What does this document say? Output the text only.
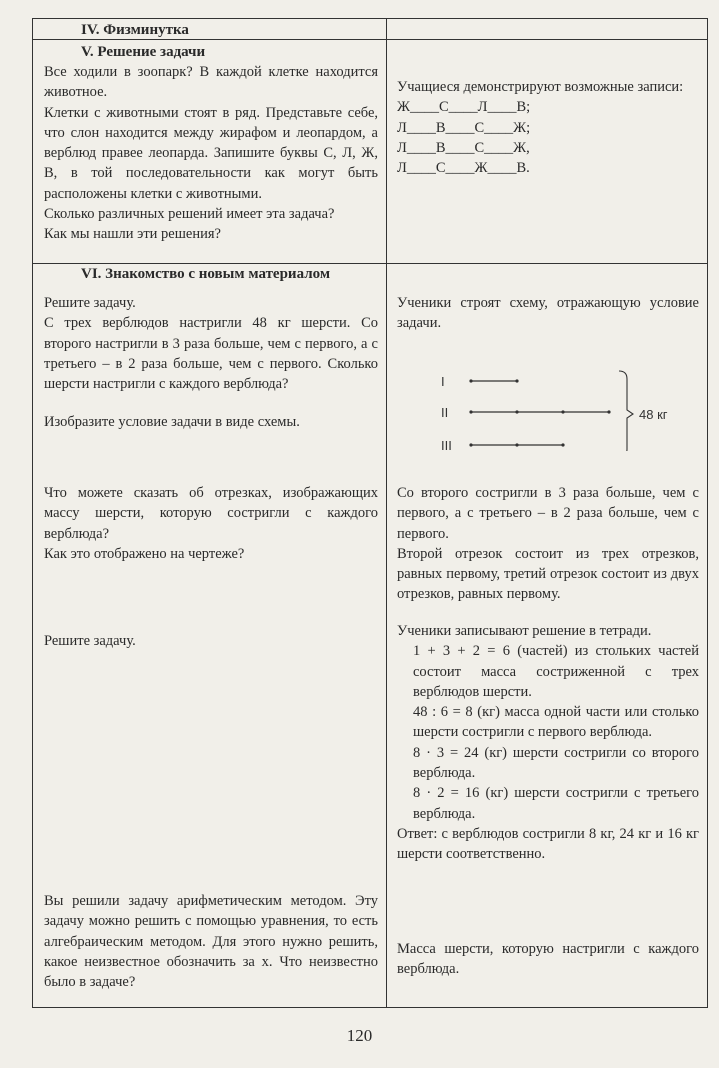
IV. Физминутка
V. Решение задачи
Все ходили в зоопарк? В каждой клетке находится животное.
Клетки с животными стоят в ряд. Представьте себе, что слон находится между жирафом и леопардом, а верблюд правее леопарда. Запишите буквы С, Л, Ж, В, в той последовательности как могут быть расположены клетки с животными.
Сколько различных решений имеет эта задача?
Как мы нашли эти решения?
Учащиеся демонстрируют возможные записи:
Ж____С____Л____В;
Л____В____С____Ж;
Л____В____С____Ж,
Л____С____Ж____В.
VI. Знакомство с новым материалом
Решите задачу.
С трех верблюдов настригли 48 кг шерсти. Со второго настригли в 3 раза больше, чем с первого, а с третьего – в 2 раза больше, чем с первого. Сколько шерсти настригли с каждого верблюда?
Изобразите условие задачи в виде схемы.
Ученики строят схему, отражающую условие задачи.
I
II
III
48 кг
Что можете сказать об отрезках, изображающих массу шерсти, которую состригли с каждого верблюда?
Как это отображено на чертеже?
Со второго состригли в 3 раза больше, чем с первого, а с третьего – в 2 раза больше, чем с первого.
Второй отрезок состоит из трех отрезков, равных первому, третий отрезок состоит из двух отрезков, равных первому.
Решите задачу.
Ученики записывают решение в тетради.
1 + 3 + 2 = 6 (частей) из стольких частей состоит масса состриженной с трех верблюдов шерсти.
48 : 6 = 8 (кг) масса одной части или столько шерсти состригли с первого верблюда.
8 · 3 = 24 (кг) шерсти состригли со второго верблюда.
8 · 2 = 16 (кг) шерсти состригли с третьего верблюда.
Ответ: с верблюдов состригли 8 кг, 24 кг и 16 кг шерсти соответственно.
Вы решили задачу арифметическим методом. Эту задачу можно решить с помощью уравнения, то есть алгебраическим методом. Для этого нужно решить, какое неизвестное обозначить за x. Что неизвестно было в задаче?
Масса шерсти, которую настригли с каждого верблюда.
120
